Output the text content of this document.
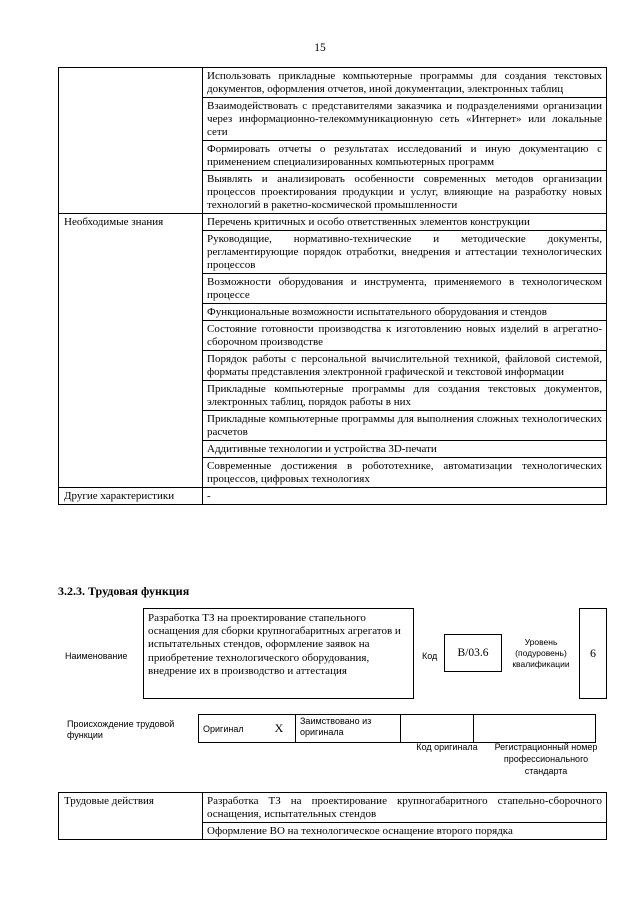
15
	Использовать прикладные компьютерные программы для создания текстовых документов, оформления отчетов, иной документации, электронных таблиц
	Взаимодействовать с представителями заказчика и подразделениями организации через информационно-телекоммуникационную сеть «Интернет» или локальные сети
	Формировать отчеты о результатах исследований и иную документацию с применением специализированных компьютерных программ
	Выявлять и анализировать особенности современных методов организации процессов проектирования продукции и услуг, влияющие на разработку новых технологий в ракетно-космической промышленности
Необходимые знания	Перечень критичных и особо ответственных элементов конструкции
	Руководящие, нормативно-технические и методические документы, регламентирующие порядок отработки, внедрения и аттестации технологических процессов
	Возможности оборудования и инструмента, применяемого в технологическом процессе
	Функциональные возможности испытательного оборудования и стендов
	Состояние готовности производства к изготовлению новых изделий в агрегатно-сборочном производстве
	Порядок работы с персональной вычислительной техникой, файловой системой, форматы представления электронной графической и текстовой информации
	Прикладные компьютерные программы для создания текстовых документов, электронных таблиц, порядок работы в них
	Прикладные компьютерные программы для выполнения сложных технологических расчетов
	Аддитивные технологии и устройства 3D-печати
	Современные достижения в робототехнике, автоматизации технологических процессов, цифровых технологиях
Другие характеристики	-
3.2.3. Трудовая функция
Наименование
Разработка ТЗ на проектирование стапельного оснащения для сборки крупногабаритных агрегатов и испытательных стендов, оформление заявок на приобретение технологического оборудования, внедрение их в производство и аттестация
Код	B/03.6
Уровень (подуровень) квалификации
6
Происхождение трудовой функции
Оригинал	X	Заимствовано из оригинала		
Код оригинала	Регистрационный номер профессионального стандарта
Трудовые действия	Разработка ТЗ на проектирование крупногабаритного стапельно-сборочного оснащения, испытательных стендов
Оформление ВО на технологическое оснащение второго порядка
